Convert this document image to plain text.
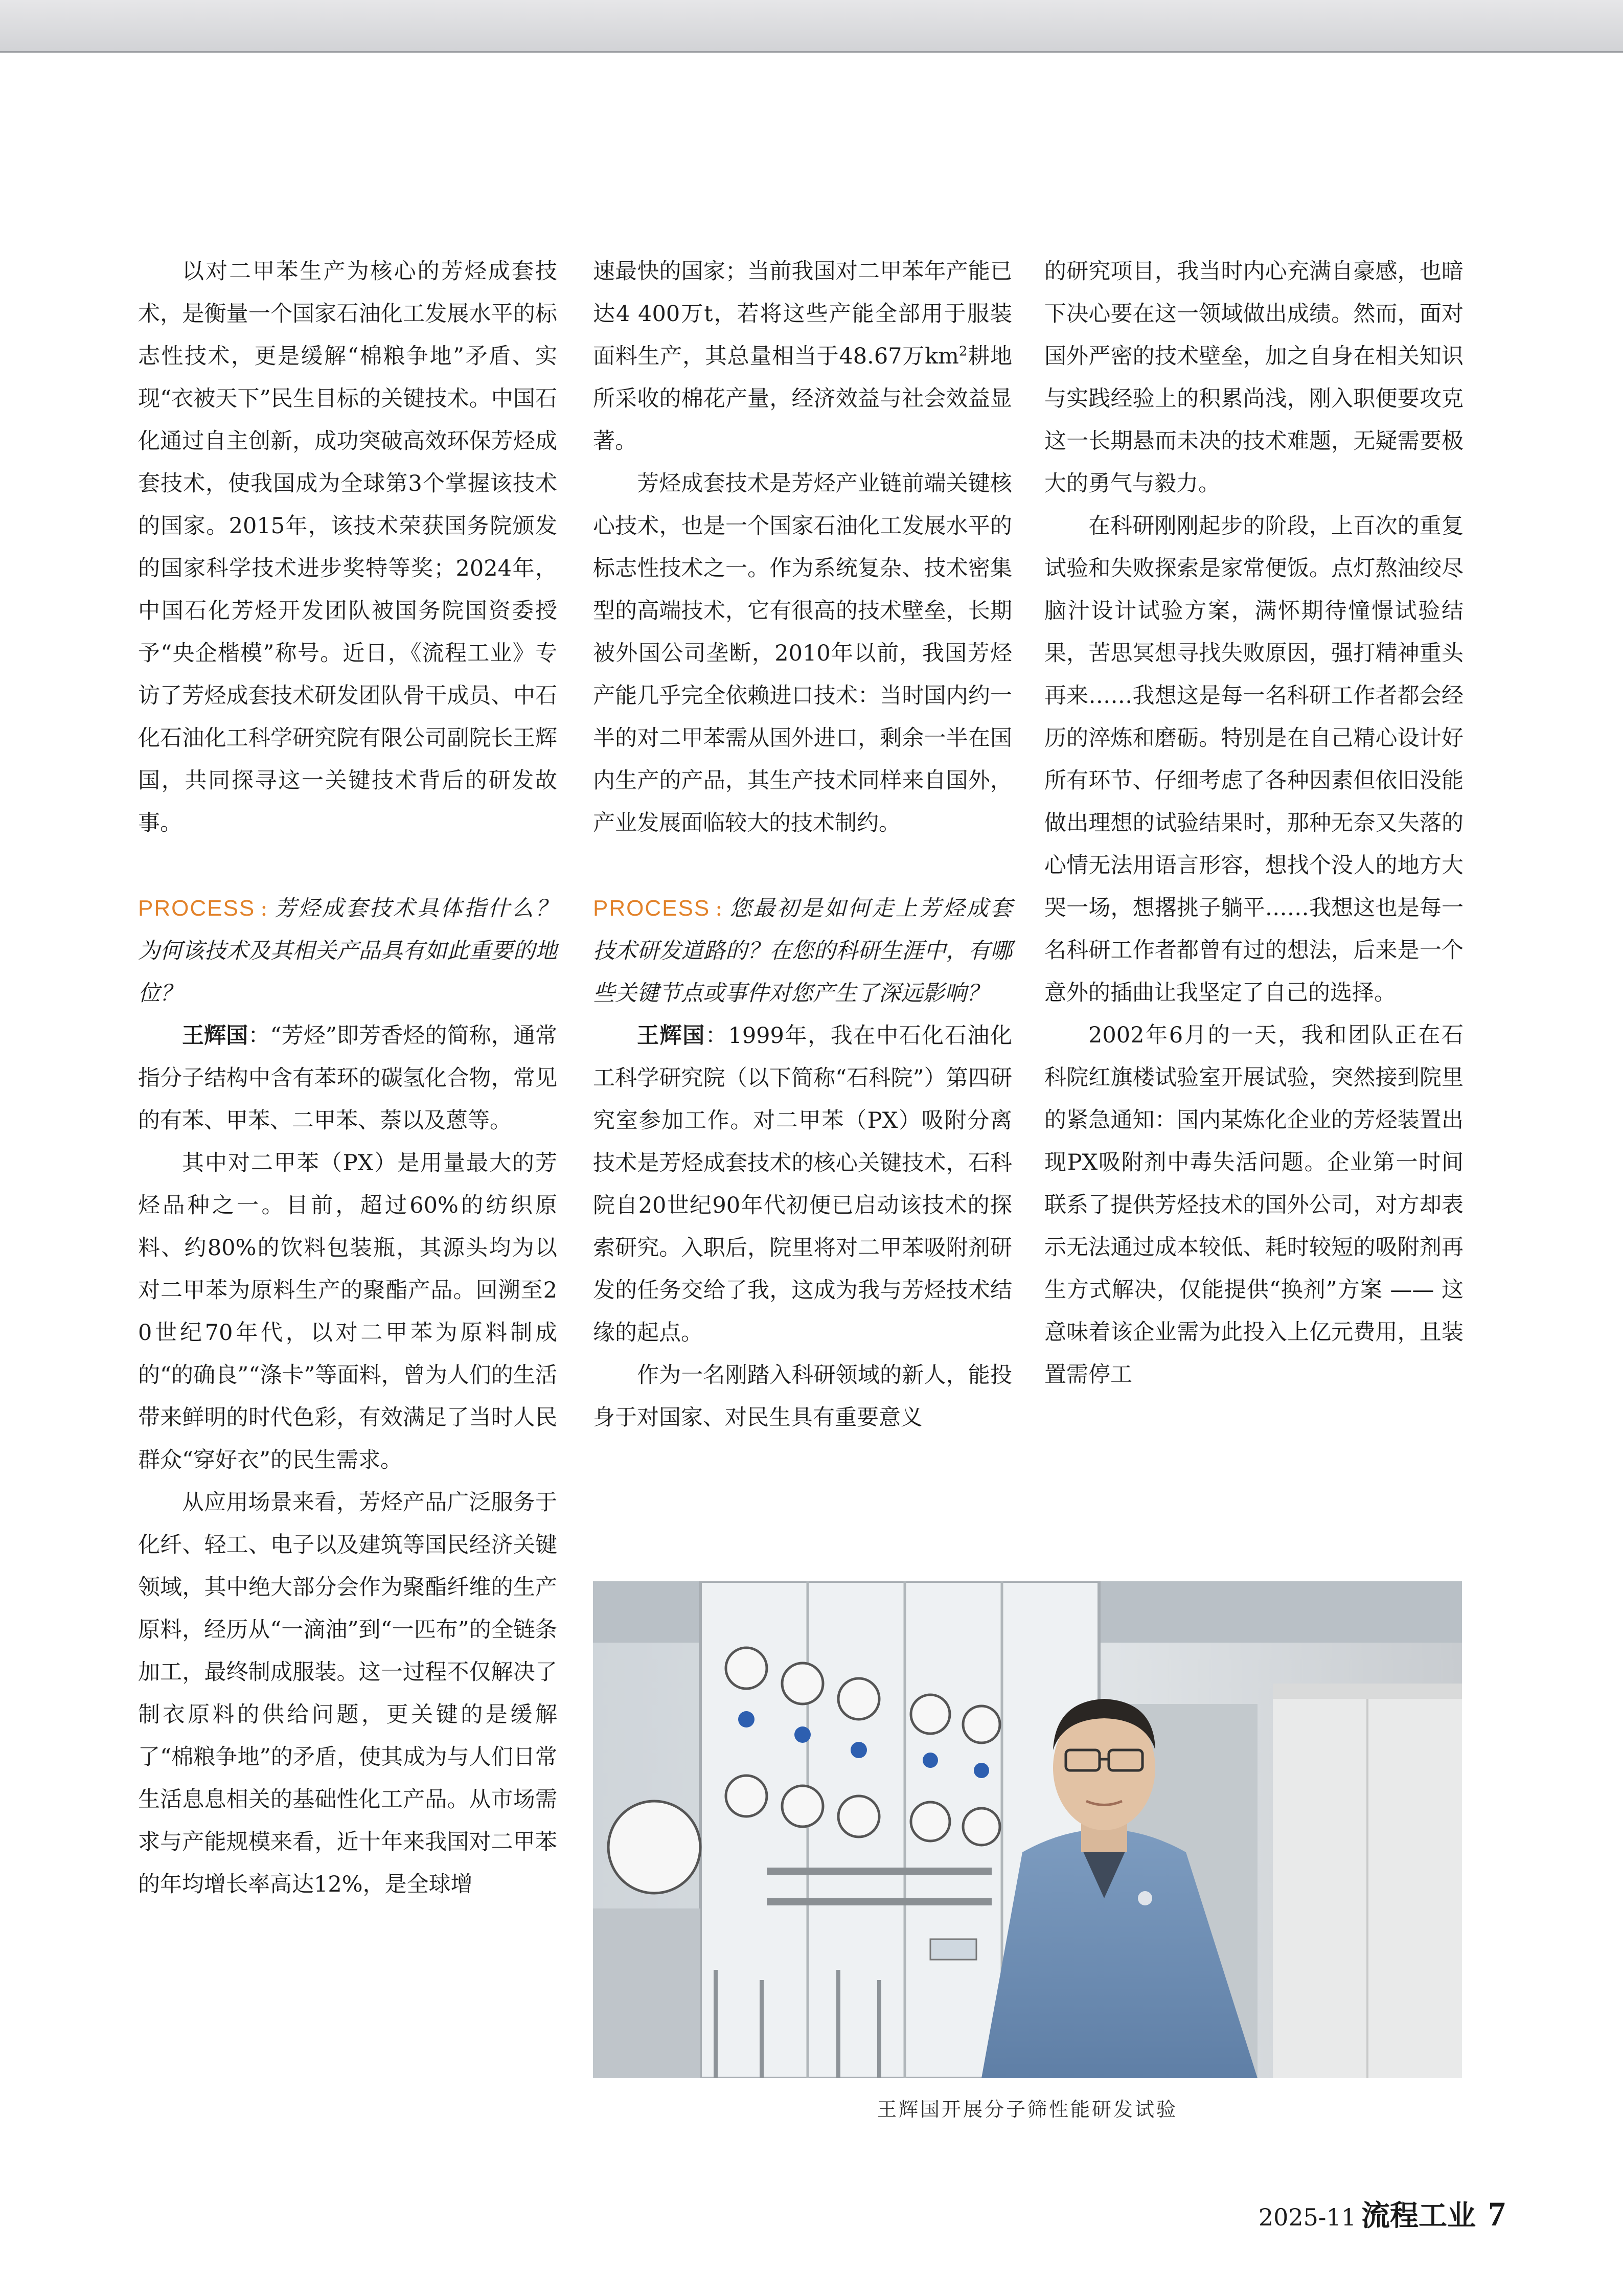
以对二甲苯生产为核心的芳烃成套技术，是衡量一个国家石油化工发展水平的标志性技术，更是缓解“棉粮争地”矛盾、实现“衣被天下”民生目标的关键技术。中国石化通过自主创新，成功突破高效环保芳烃成套技术，使我国成为全球第3个掌握该技术的国家。2015年，该技术荣获国务院颁发的国家科学技术进步奖特等奖；2024年，中国石化芳烃开发团队被国务院国资委授予“央企楷模”称号。近日，《流程工业》专访了芳烃成套技术研发团队骨干成员、中石化石油化工科学研究院有限公司副院长王辉国，共同探寻这一关键技术背后的研发故事。

PROCESS : 芳烃成套技术具体指什么？为何该技术及其相关产品具有如此重要的地位？

王辉国：“芳烃”即芳香烃的简称，通常指分子结构中含有苯环的碳氢化合物，常见的有苯、甲苯、二甲苯、萘以及蒽等。

其中对二甲苯（PX）是用量最大的芳烃品种之一。目前，超过60%的纺织原料、约80%的饮料包装瓶，其源头均为以对二甲苯为原料生产的聚酯产品。回溯至20世纪70年代，以对二甲苯为原料制成的“的确良”“涤卡”等面料，曾为人们的生活带来鲜明的时代色彩，有效满足了当时人民群众“穿好衣”的民生需求。

从应用场景来看，芳烃产品广泛服务于化纤、轻工、电子以及建筑等国民经济关键领域，其中绝大部分会作为聚酯纤维的生产原料，经历从“一滴油”到“一匹布”的全链条加工，最终制成服装。这一过程不仅解决了制衣原料的供给问题，更关键的是缓解了“棉粮争地”的矛盾，使其成为与人们日常生活息息相关的基础性化工产品。从市场需求与产能规模来看，近十年来我国对二甲苯的年均增长率高达12%，是全球增

速最快的国家；当前我国对二甲苯年产能已达4 400万t，若将这些产能全部用于服装面料生产，其总量相当于48.67万$km^2$耕地所采收的棉花产量，经济效益与社会效益显著。

芳烃成套技术是芳烃产业链前端关键核心技术，也是一个国家石油化工发展水平的标志性技术之一。作为系统复杂、技术密集型的高端技术，它有很高的技术壁垒，长期被外国公司垄断，2010年以前，我国芳烃产能几乎完全依赖进口技术：当时国内约一半的对二甲苯需从国外进口，剩余一半在国内生产的产品，其生产技术同样来自国外，产业发展面临较大的技术制约。

PROCESS : 您最初是如何走上芳烃成套技术研发道路的？在您的科研生涯中，有哪些关键节点或事件对您产生了深远影响？

王辉国：1999年，我在中石化石油化工科学研究院（以下简称“石科院”）第四研究室参加工作。对二甲苯（PX）吸附分离技术是芳烃成套技术的核心关键技术，石科院自20世纪90年代初便已启动该技术的探索研究。入职后，院里将对二甲苯吸附剂研发的任务交给了我，这成为我与芳烃技术结缘的起点。

作为一名刚踏入科研领域的新人，能投身于对国家、对民生具有重要意义

的研究项目，我当时内心充满自豪感，也暗下决心要在这一领域做出成绩。然而，面对国外严密的技术壁垒，加之自身在相关知识与实践经验上的积累尚浅，刚入职便要攻克这一长期悬而未决的技术难题，无疑需要极大的勇气与毅力。

在科研刚刚起步的阶段，上百次的重复试验和失败探索是家常便饭。点灯熬油绞尽脑汁设计试验方案，满怀期待憧憬试验结果，苦思冥想寻找失败原因，强打精神重头再来……我想这是每一名科研工作者都会经历的淬炼和磨砺。特别是在自己精心设计好所有环节、仔细考虑了各种因素但依旧没能做出理想的试验结果时，那种无奈又失落的心情无法用语言形容，想找个没人的地方大哭一场，想撂挑子躺平……我想这也是每一名科研工作者都曾有过的想法，后来是一个意外的插曲让我坚定了自己的选择。

2002年6月的一天，我和团队正在石科院红旗楼试验室开展试验，突然接到院里的紧急通知：国内某炼化企业的芳烃装置出现PX吸附剂中毒失活问题。企业第一时间联系了提供芳烃技术的国外公司，对方却表示无法通过成本较低、耗时较短的吸附剂再生方式解决，仅能提供“换剂”方案 —— 这意味着该企业需为此投入上亿元费用，且装置需停工

王辉国开展分子筛性能研发试验
2025-11 流程工业 7
